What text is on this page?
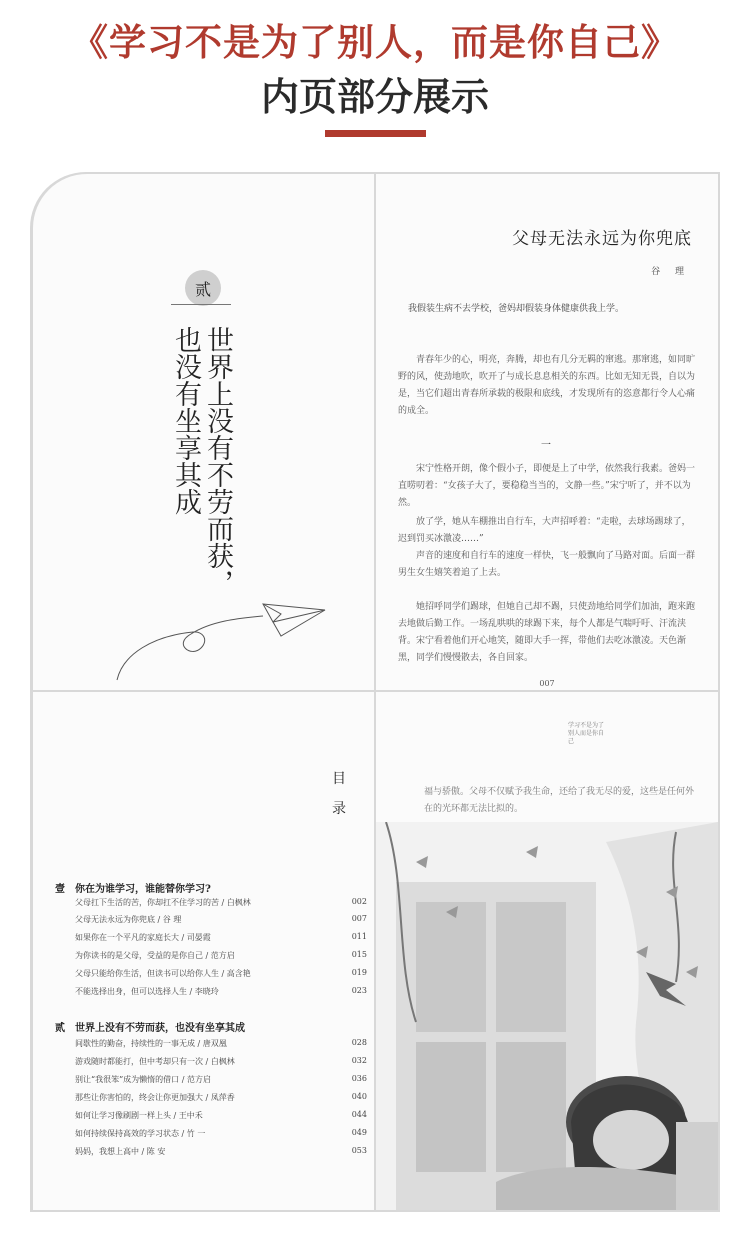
《学习不是为了别人，而是你自己》
内页部分展示
贰
世界上没有不劳而获，
也没有坐享其成
父母无法永远为你兜底
谷 理
我假装生病不去学校，爸妈却假装身体健康供我上学。
青春年少的心，明亮，奔腾，却也有几分无羁的窜逃。那窜逃，如同旷野的风，使劲地吹，吹开了与成长息息相关的东西。比如无知无畏，自以为是，当它们超出青春所承载的极限和底线，才发现所有的恣意都行令人心痛的成全。
一
宋宁性格开朗，像个假小子，即便是上了中学，依然我行我素。爸妈一直唠叨着：“女孩子大了，要稳稳当当的，文静一些。”宋宁听了，并不以为然。
放了学，她从车棚推出自行车，大声招呼着：“走啦，去球场踢球了，迟到罚买冰激凌……”
声音的速度和自行车的速度一样快，飞一般飘向了马路对面。后面一群男生女生嬉笑着追了上去。
她招呼同学们踢球，但她自己却不踢，只使劲地给同学们加油，跑来跑去地做后勤工作。一场乱哄哄的球踢下来，每个人都是气喘吁吁、汗流浃背。宋宁看着他们开心地笑，随即大手一挥，带他们去吃冰激凌。天色渐黑，同学们慢慢散去，各自回家。
007
目录
壹 你在为谁学习，谁能替你学习?
父母扛下生活的苦，你却扛不住学习的苦 / 白枫林	002
父母无法永远为你兜底 / 谷 理	007
如果你在一个平凡的家庭长大 / 司晏霞	011
为你读书的是父母，受益的是你自己 / 范方启	015
父母只能给你生活，但读书可以给你人生 / 高含艳	019
不能选择出身，但可以选择人生 / 李晓玲	023
贰 世界上没有不劳而获，也没有坐享其成
间歇性的勤奋，持续性的一事无成 / 唐双凰	028
游戏随时都能打，但中考却只有一次 / 白枫林	032
别让“我很笨”成为懒惰的借口 / 范方启	036
那些让你害怕的，终会让你更加强大 / 凤萍香	040
如何让学习像刷剧一样上头 / 王中禾	044
如何持续保持高效的学习状态 / 竹 一	049
妈妈，我想上高中 / 陈 安	053
学习不是为了别人而是你自己
福与骄傲。父母不仅赋予我生命，还给了我无尽的爱，这些是任何外在的光环都无法比拟的。
